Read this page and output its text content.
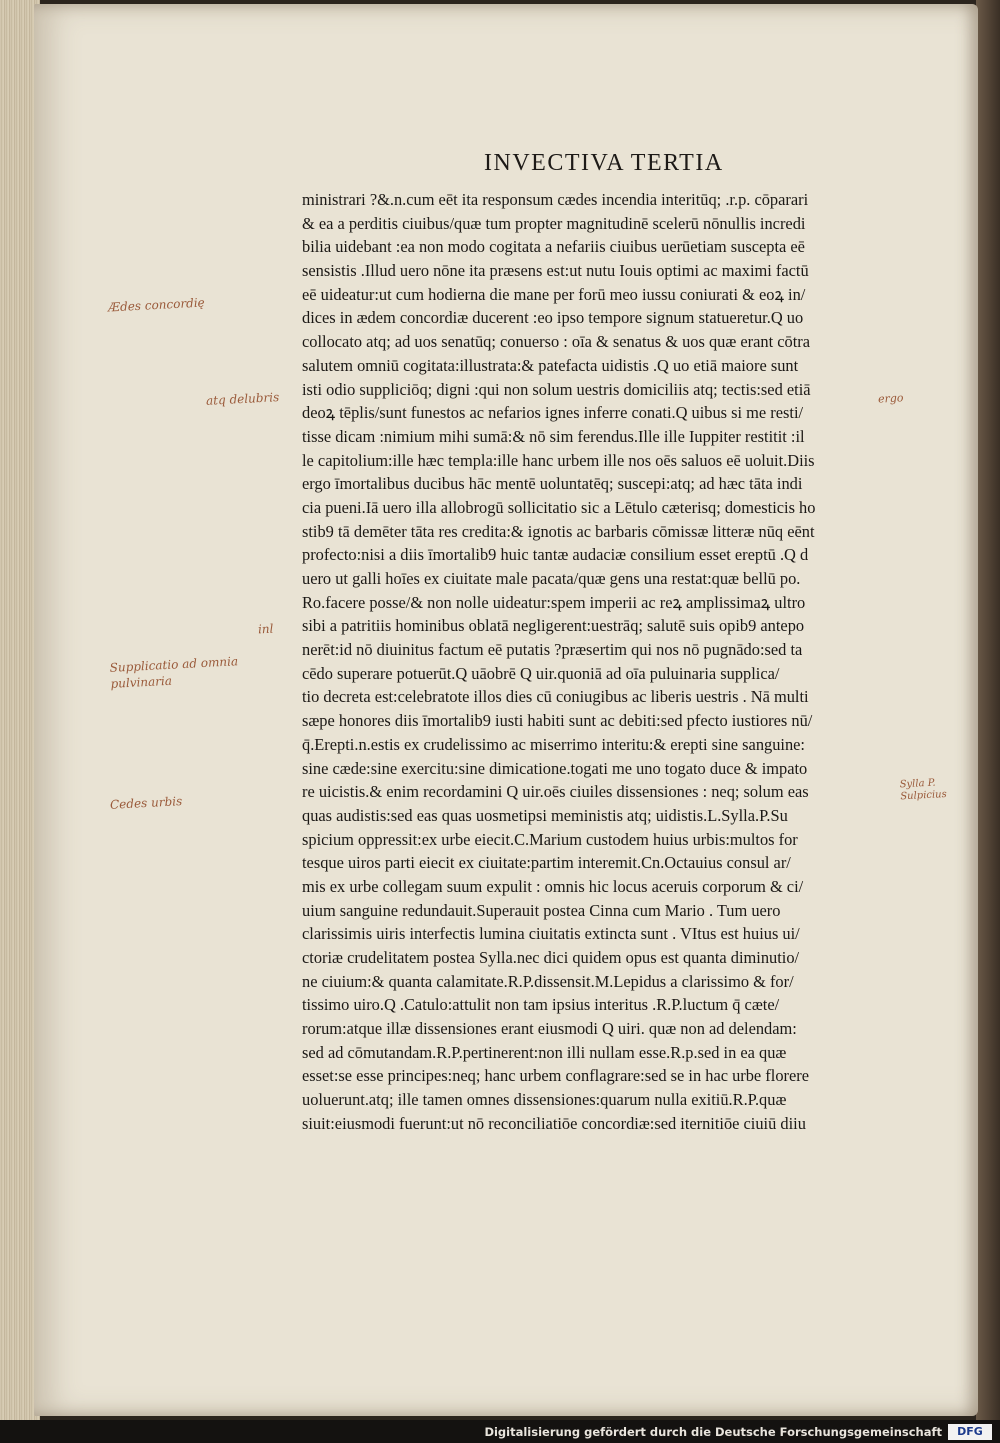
INVECTIVA TERTIA
ministrari ?&.n.cum eēt ita responsum cædes incendia interitūq; .r.p. cōparari
& ea a perditis ciuibus/quæ tum propter magnitudinē scelerū nōnullis incredi
bilia uidebant :ea non modo cogitata a nefariis ciuibus uerūetiam suscepta eē
sensistis .Illud uero nōne ita præsens est:ut nutu Iouis optimi ac maximi factū
eē uideatur:ut cum hodierna die mane per forū meo iussu coniurati & eoꝝ in/
dices in ædem concordiæ ducerent :eo ipso tempore signum statueretur.Q uo
collocato atq; ad uos senatūq; conuerso : oīa & senatus & uos quæ erant cōtra
salutem omniū cogitata:illustrata:& patefacta uidistis .Q uo etiā maiore sunt
isti odio suppliciōq; digni :qui non solum uestris domiciliis atq; tectis:sed etiā
deoꝝ tēplis/sunt funestos ac nefarios ignes inferre conati.Q uibus si me resti/
tisse dicam :nimium mihi sumā:& nō sim ferendus.Ille ille Iuppiter restitit :il
le capitolium:ille hæc templa:ille hanc urbem ille nos oēs saluos eē uoluit.Diis
ergo īmortalibus ducibus hāc mentē uoluntatēq; suscepi:atq; ad hæc tāta indi
cia pueni.Iā uero illa allobrogū sollicitatio sic a Lētulo cæterisq; domesticis ho
stib9 tā demēter tāta res credita:& ignotis ac barbaris cōmissæ litteræ nūq eēnt
profecto:nisi a diis īmortalib9 huic tantæ audaciæ consilium esset ereptū .Q d
uero ut galli hoīes ex ciuitate male pacata/quæ gens una restat:quæ bellū po.
Ro.facere posse/& non nolle uideatur:spem imperii ac reꝝ amplissimaꝝ ultro
sibi a patritiis hominibus oblatā negligerent:uestrāq; salutē suis opib9 antepo
nerēt:id nō diuinitus factum eē putatis ?præsertim qui nos nō pugnādo:sed ta
cēdo superare potuerūt.Q uāobrē Q uir.quoniā ad oīa puluinaria supplica/
tio decreta est:celebratote illos dies cū coniugibus ac liberis uestris . Nā multi
sæpe honores diis īmortalib9 iusti habiti sunt ac debiti:sed pfecto iustiores nū/
q̄.Erepti.n.estis ex crudelissimo ac miserrimo interitu:& erepti sine sanguine:
sine cæde:sine exercitu:sine dimicatione.togati me uno togato duce & impato
re uicistis.& enim recordamini Q uir.oēs ciuiles dissensiones : neq; solum eas
quas audistis:sed eas quas uosmetipsi meministis atq; uidistis.L.Sylla.P.Su
spicium oppressit:ex urbe eiecit.C.Marium custodem huius urbis:multos for
tesque uiros parti eiecit ex ciuitate:partim interemit.Cn.Octauius consul ar/
mis ex urbe collegam suum expulit : omnis hic locus aceruis corporum & ci/
uium sanguine redundauit.Superauit postea Cinna cum Mario . Tum uero
clarissimis uiris interfectis lumina ciuitatis extincta sunt . VItus est huius ui/
ctoriæ crudelitatem postea Sylla.nec dici quidem opus est quanta diminutio/
ne ciuium:& quanta calamitate.R.P.dissensit.M.Lepidus a clarissimo & for/
tissimo uiro.Q .Catulo:attulit non tam ipsius interitus .R.P.luctum q̄ cæte/
rorum:atque illæ dissensiones erant eiusmodi Q uiri. quæ non ad delendam:
sed ad cōmutandam.R.P.pertinerent:non illi nullam esse.R.p.sed in ea quæ
esset:se esse principes:neq; hanc urbem conflagrare:sed se in hac urbe florere
uoluerunt.atq; ille tamen omnes dissensiones:quarum nulla exitiū.R.P.quæ
siuit:eiusmodi fuerunt:ut nō reconciliatiōe concordiæ:sed iternitiōe ciuiū diiu
Ædes concordię
atq delubris	ergo
inl
Supplicatio ad omnia pulvinaria
Cedes urbis
Sylla P. Sulpicius
Digitalisierung gefördert durch die Deutsche Forschungsgemeinschaft	DFG
